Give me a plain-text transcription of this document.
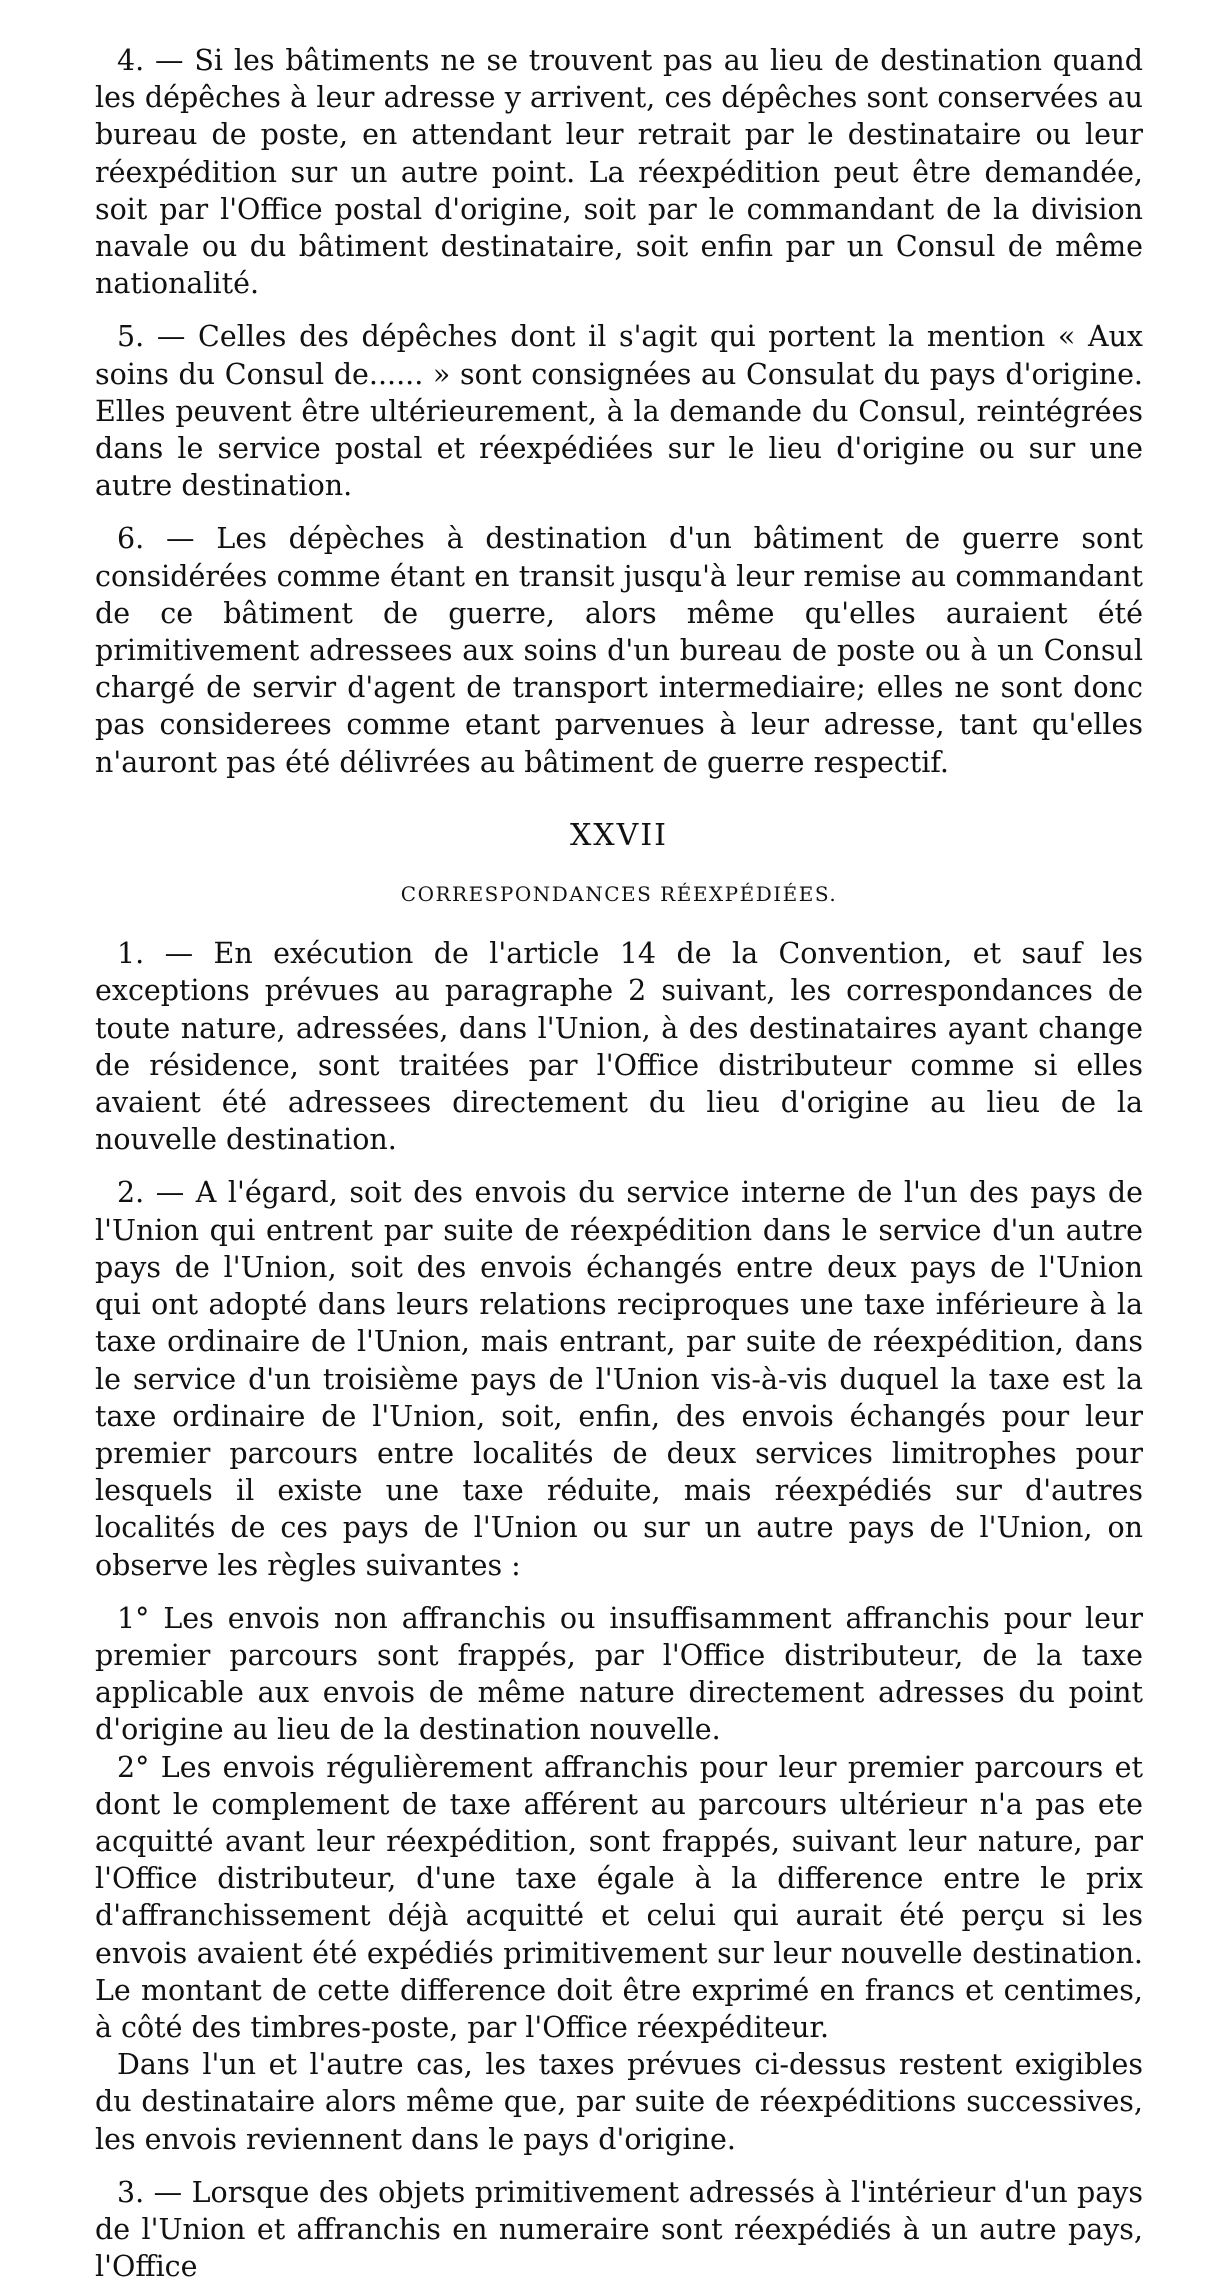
4. — Si les bâtiments ne se trouvent pas au lieu de destination quand les dépêches à leur adresse y arrivent, ces dépêches sont conservées au bureau de poste, en attendant leur retrait par le destinataire ou leur réexpédition sur un autre point. La réexpédition peut être demandée, soit par l'Office postal d'origine, soit par le commandant de la division navale ou du bâtiment destinataire, soit enfin par un Consul de même nationalité.

5. — Celles des dépêches dont il s'agit qui portent la mention « Aux soins du Consul de...... » sont consignées au Consulat du pays d'origine. Elles peuvent être ultérieurement, à la demande du Consul, reintégrées dans le service postal et réexpédiées sur le lieu d'origine ou sur une autre destination.

6. — Les dépèches à destination d'un bâtiment de guerre sont considérées comme étant en transit jusqu'à leur remise au commandant de ce bâtiment de guerre, alors même qu'elles auraient été primitivement adressees aux soins d'un bureau de poste ou à un Consul chargé de servir d'agent de transport intermediaire; elles ne sont donc pas considerees comme etant parvenues à leur adresse, tant qu'elles n'auront pas été délivrées au bâtiment de guerre respectif.

XXVII

CORRESPONDANCES RÉEXPÉDIÉES.

1. — En exécution de l'article 14 de la Convention, et sauf les exceptions prévues au paragraphe 2 suivant, les correspondances de toute nature, adressées, dans l'Union, à des destinataires ayant change de résidence, sont traitées par l'Office distributeur comme si elles avaient été adressees directement du lieu d'origine au lieu de la nouvelle destination.

2. — A l'égard, soit des envois du service interne de l'un des pays de l'Union qui entrent par suite de réexpédition dans le service d'un autre pays de l'Union, soit des envois échangés entre deux pays de l'Union qui ont adopté dans leurs relations reciproques une taxe inférieure à la taxe ordinaire de l'Union, mais entrant, par suite de réexpédition, dans le service d'un troisième pays de l'Union vis-à-vis duquel la taxe est la taxe ordinaire de l'Union, soit, enfin, des envois échangés pour leur premier parcours entre localités de deux services limitrophes pour lesquels il existe une taxe réduite, mais réexpédiés sur d'autres localités de ces pays de l'Union ou sur un autre pays de l'Union, on observe les règles suivantes :

1° Les envois non affranchis ou insuffisamment affranchis pour leur premier parcours sont frappés, par l'Office distributeur, de la taxe applicable aux envois de même nature directement adresses du point d'origine au lieu de la destination nouvelle.

2° Les envois régulièrement affranchis pour leur premier parcours et dont le complement de taxe afférent au parcours ultérieur n'a pas ete acquitté avant leur réexpédition, sont frappés, suivant leur nature, par l'Office distributeur, d'une taxe égale à la difference entre le prix d'affranchissement déjà acquitté et celui qui aurait été perçu si les envois avaient été expédiés primitivement sur leur nouvelle destination. Le montant de cette difference doit être exprimé en francs et centimes, à côté des timbres-poste, par l'Office réexpéditeur.

Dans l'un et l'autre cas, les taxes prévues ci-dessus restent exigibles du destinataire alors même que, par suite de réexpéditions successives, les envois reviennent dans le pays d'origine.

3. — Lorsque des objets primitivement adressés à l'intérieur d'un pays de l'Union et affranchis en numeraire sont réexpédiés à un autre pays, l'Office
